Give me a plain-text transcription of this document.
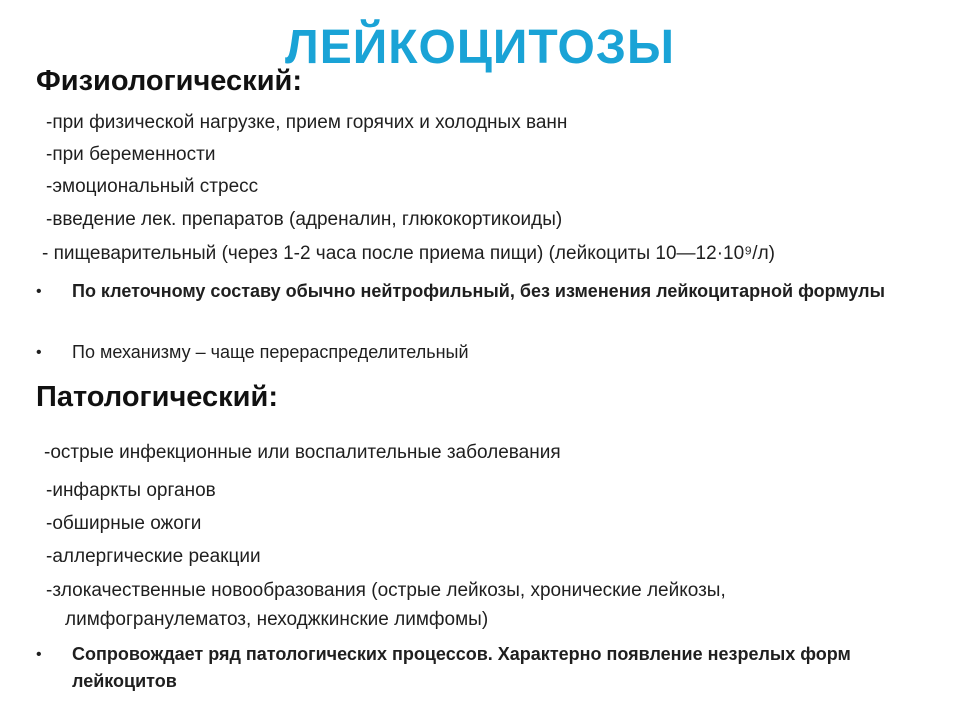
ЛЕЙКОЦИТОЗЫ
Физиологический:
-при физической нагрузке, прием горячих и холодных ванн
-при беременности
-эмоциональный стресс
-введение лек. препаратов (адреналин, глюкокортикоиды)
- пищеварительный (через 1-2 часа после приема пищи) (лейкоциты 10—12·10⁹/л)
• По клеточному составу обычно нейтрофильный, без изменения лейкоцитарной формулы
• По механизму – чаще перераспределительный
Патологический:
-острые инфекционные или воспалительные заболевания
-инфаркты органов
-обширные ожоги
-аллергические реакции
-злокачественные новообразования (острые лейкозы, хронические лейкозы,
лимфогранулематоз, неходжкинские лимфомы)
• Сопровождает ряд патологических процессов. Характерно появление незрелых форм лейкоцитов
